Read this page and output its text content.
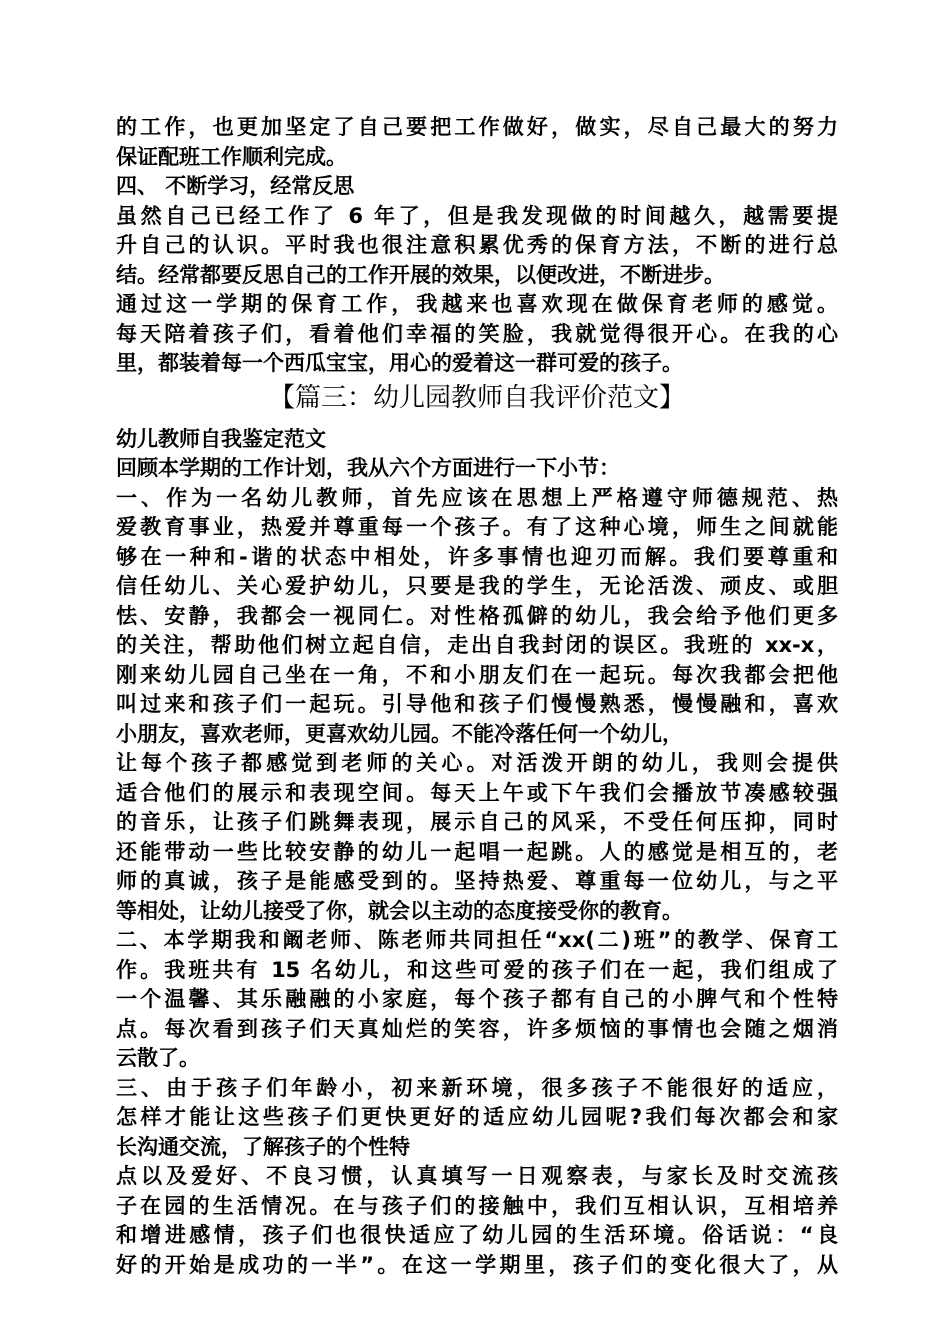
的工作，也更加坚定了自己要把工作做好，做实，尽自己最大的努力
保证配班工作顺利完成。
四、 不断学习，经常反思
虽然自己已经工作了 6 年了，但是我发现做的时间越久，越需要提
升自己的认识。平时我也很注意积累优秀的保育方法，不断的进行总
结。经常都要反思自己的工作开展的效果，以便改进，不断进步。
通过这一学期的保育工作，我越来也喜欢现在做保育老师的感觉。
每天陪着孩子们，看着他们幸福的笑脸，我就觉得很开心。在我的心
里，都装着每一个西瓜宝宝，用心的爱着这一群可爱的孩子。
【篇三：幼儿园教师自我评价范文】
幼儿教师自我鉴定范文
回顾本学期的工作计划，我从六个方面进行一下小节：
一、作为一名幼儿教师，首先应该在思想上严格遵守师德规范、热
爱教育事业，热爱并尊重每一个孩子。有了这种心境，师生之间就能
够在一种和-谐的状态中相处，许多事情也迎刃而解。我们要尊重和
信任幼儿、关心爱护幼儿，只要是我的学生，无论活泼、顽皮、或胆
怯、安静，我都会一视同仁。对性格孤僻的幼儿，我会给予他们更多
的关注，帮助他们树立起自信，走出自我封闭的误区。我班的 xx-x，
刚来幼儿园自己坐在一角，不和小朋友们在一起玩。每次我都会把他
叫过来和孩子们一起玩。引导他和孩子们慢慢熟悉，慢慢融和，喜欢
小朋友，喜欢老师，更喜欢幼儿园。不能冷落任何一个幼儿，
让每个孩子都感觉到老师的关心。对活泼开朗的幼儿，我则会提供
适合他们的展示和表现空间。每天上午或下午我们会播放节凑感较强
的音乐，让孩子们跳舞表现，展示自己的风采，不受任何压抑，同时
还能带动一些比较安静的幼儿一起唱一起跳。人的感觉是相互的，老
师的真诚，孩子是能感受到的。坚持热爱、尊重每一位幼儿，与之平
等相处，让幼儿接受了你，就会以主动的态度接受你的教育。
二、本学期我和阚老师、陈老师共同担任“xx(二)班”的教学、保育工
作。我班共有 15 名幼儿，和这些可爱的孩子们在一起，我们组成了
一个温馨、其乐融融的小家庭，每个孩子都有自己的小脾气和个性特
点。每次看到孩子们天真灿烂的笑容，许多烦恼的事情也会随之烟消
云散了。
三、由于孩子们年龄小，初来新环境，很多孩子不能很好的适应，
怎样才能让这些孩子们更快更好的适应幼儿园呢?我们每次都会和家
长沟通交流，了解孩子的个性特
点以及爱好、不良习惯，认真填写一日观察表，与家长及时交流孩
子在园的生活情况。在与孩子们的接触中，我们互相认识，互相培养
和增进感情，孩子们也很快适应了幼儿园的生活环境。俗话说：“良
好的开始是成功的一半”。在这一学期里，孩子们的变化很大了，从
